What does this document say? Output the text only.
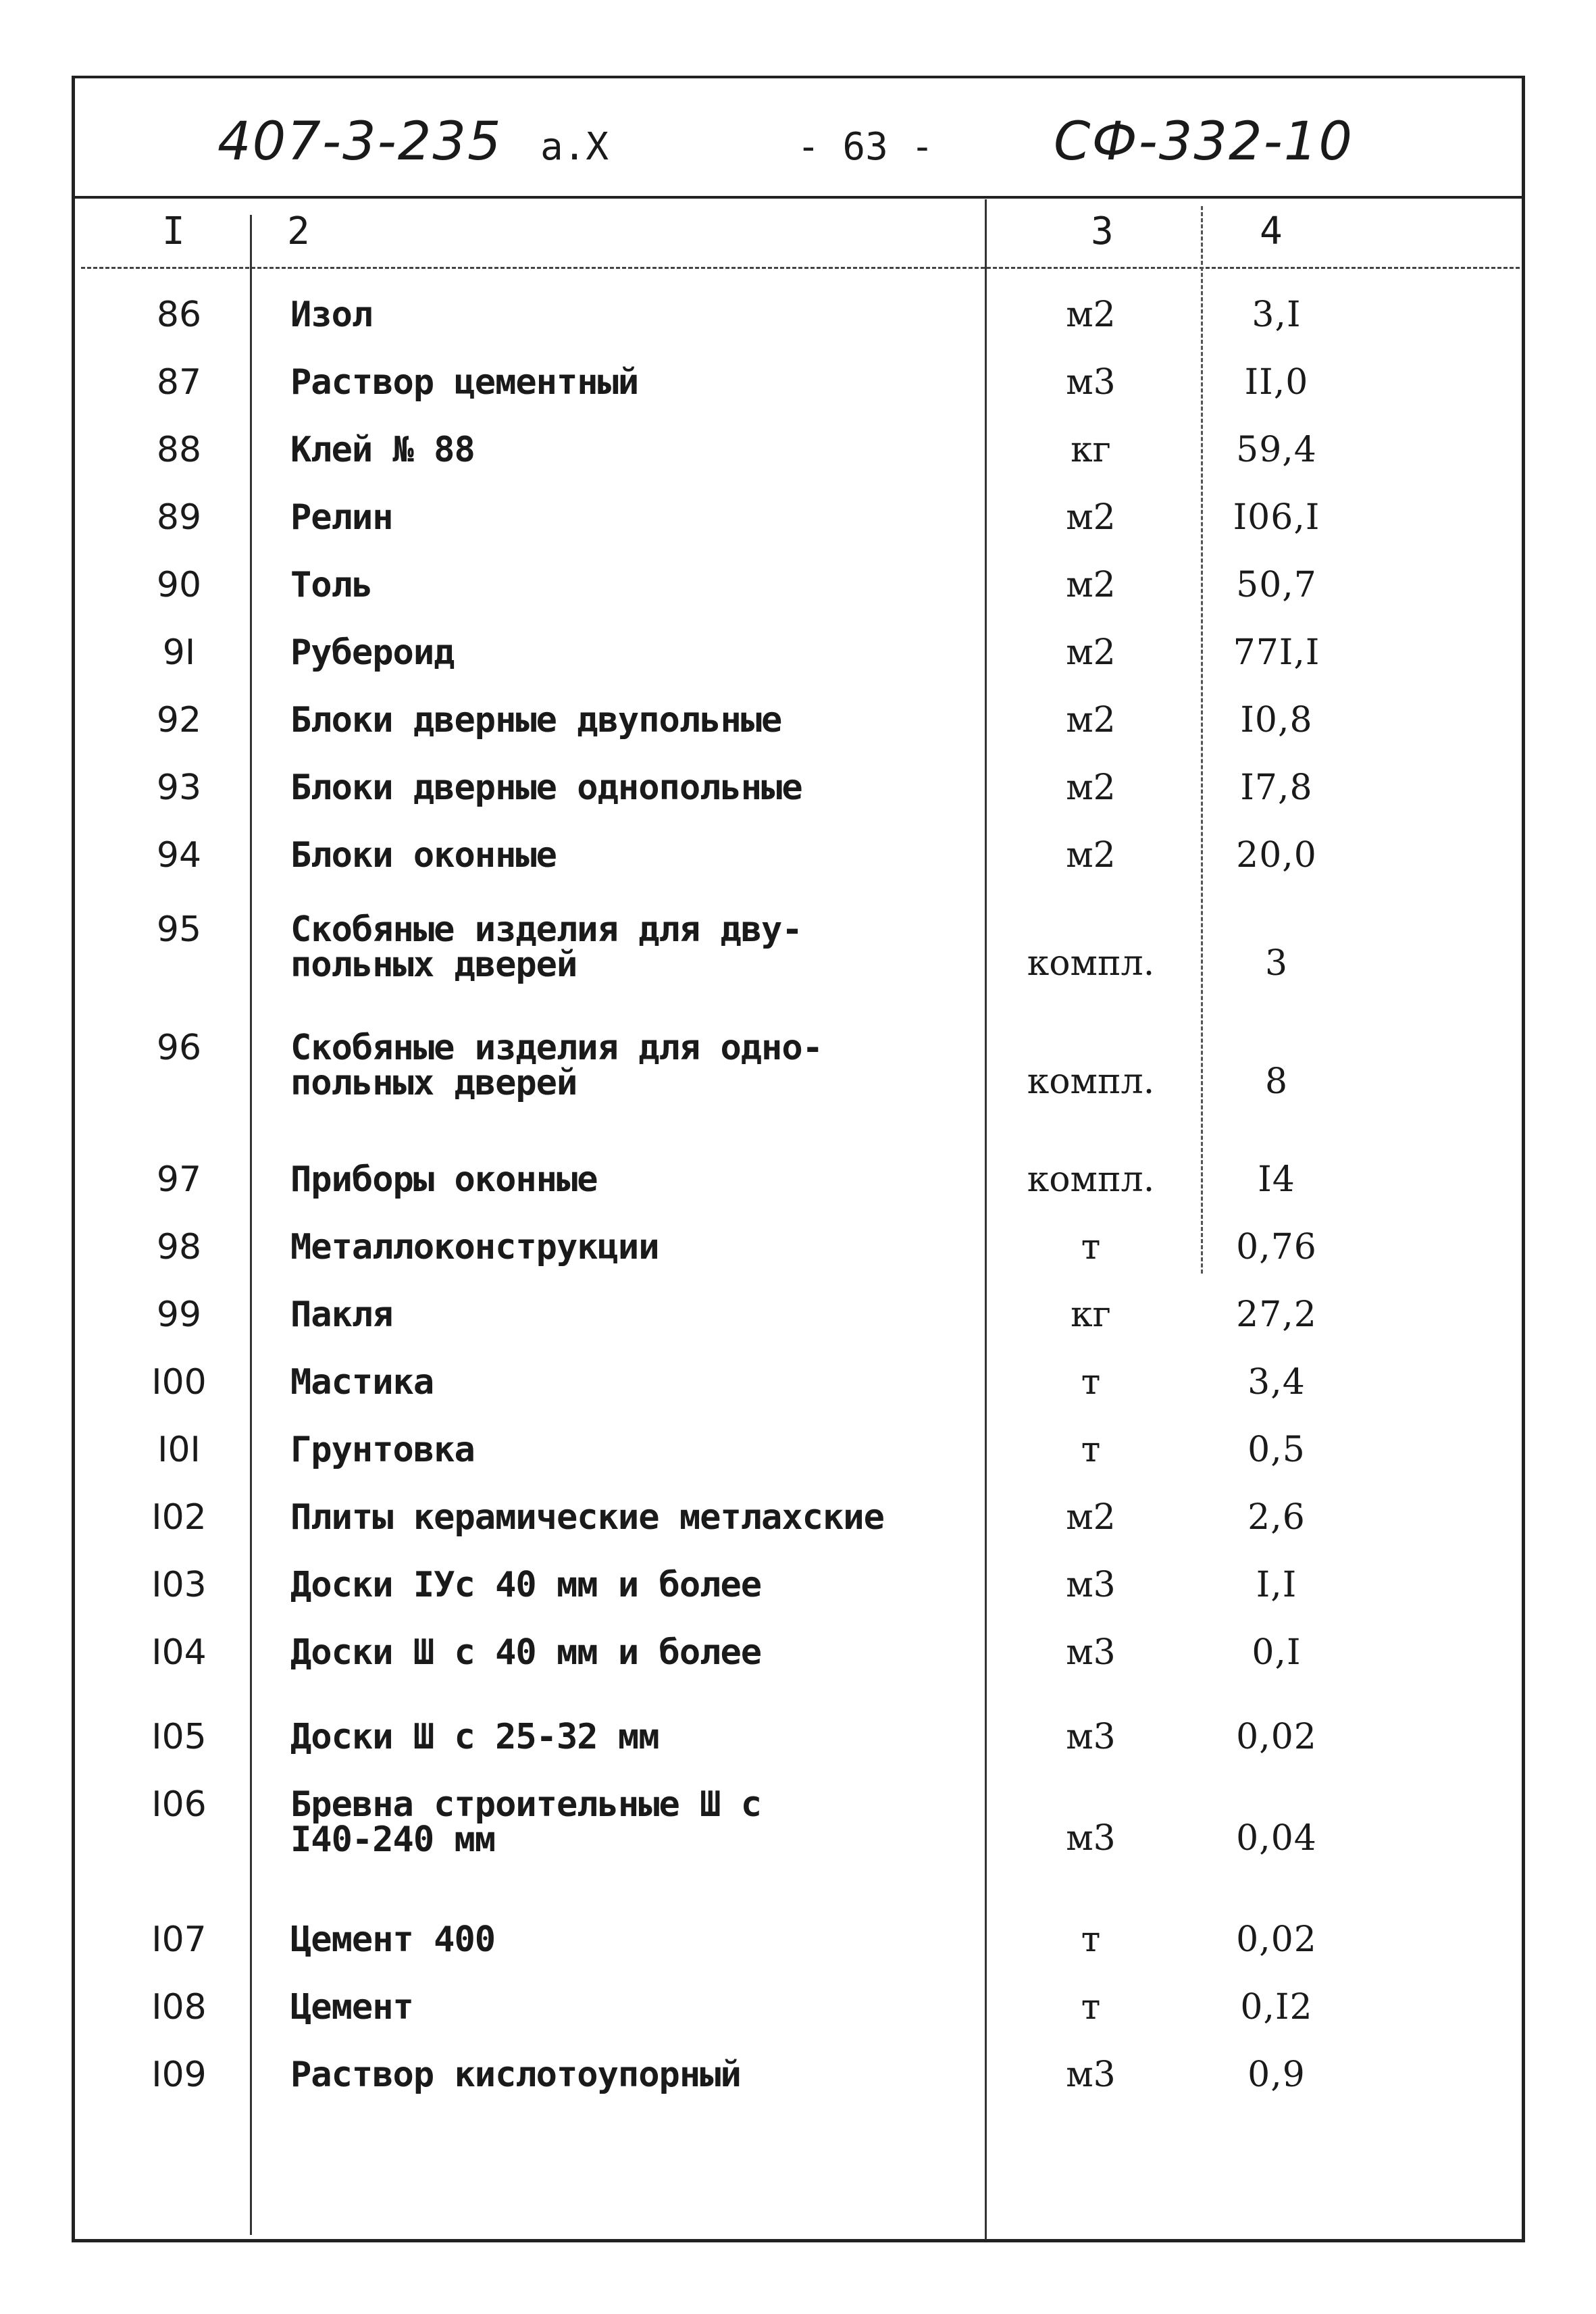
407-3-235 а.X	- 63 - СФ-332-10
I	2	3	4
86	Изол	м2	3,I
87	Раствор цементный	м3	II,0
88	Клей № 88	кг	59,4
89	Релин	м2	I06,I
90	Толь	м2	50,7
9I	Рубероид	м2	77I,I
92	Блоки дверные двупольные	м2	I0,8
93	Блоки дверные однопольные	м2	I7,8
94	Блоки оконные	м2	20,0
95	Скобяные изделия для дву-
польных дверей	компл.	3
96	Скобяные изделия для одно-
польных дверей	компл.	8
97	Приборы оконные	компл.	I4
98	Металлоконструкции	т	0,76
99	Пакля	кг	27,2
I00	Мастика	т	3,4
I0I	Грунтовка	т	0,5
I02	Плиты керамические метлахские	м2	2,6
I03	Доски IУс 40 мм и более	м3	I,I
I04	Доски Ш с 40 мм и более	м3	0,I
I05	Доски Ш с 25-32 мм	м3	0,02
I06	Бревна строительные Ш с
I40-240 мм	м3	0,04
I07	Цемент 400	т	0,02
I08	Цемент	т	0,I2
I09	Раствор кислотоупорный	м3	0,9
